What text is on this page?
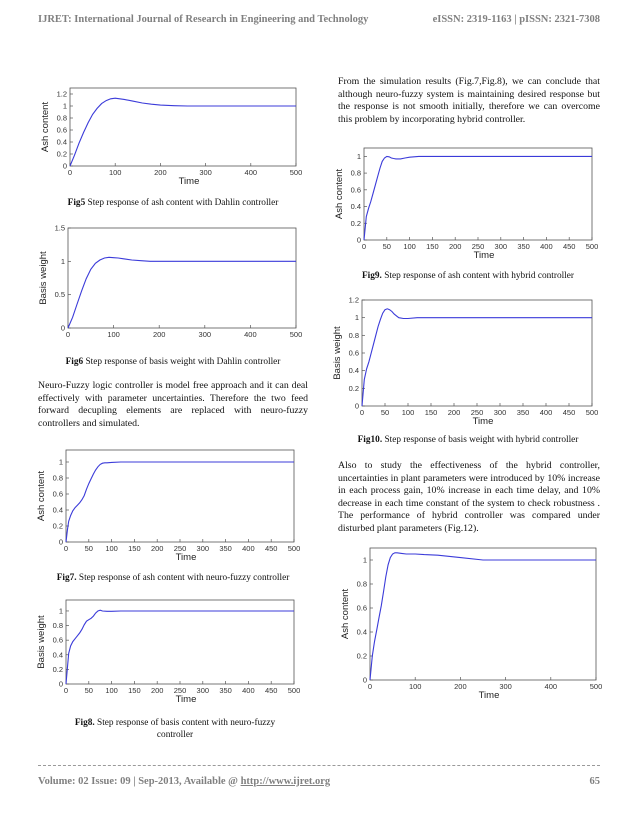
IJRET: International Journal of Research in Engineering and Technology	eISSN: 2319-1163 | pISSN: 2321-7308
0	100	200	300	400	500
0
0.2
0.4
0.6
0.8
1
1.2
Time
Ash content
Fig5 Step response of ash content with Dahlin controller
0	100	200	300	400	500
0
0.5
1
1.5
Basis weight
Fig6 Step response of basis weight with Dahlin controller

Neuro-Fuzzy logic controller is model free approach and it can deal effectively with parameter uncertainties. Therefore the two feed forward decupling elements are replaced with neuro-fuzzy controllers and simulated.

0 50 100 150 200 250 300 350 400 450 500
0
0.2
0.4
0.6
0.8
1
Time
Ash content
Fig7. Step response of ash content with neuro-fuzzy controller
0 50 100 150 200 250 300 350 400 450 500
0
0.2
0.4
0.6
0.8
1
Time
Basis weight
Fig8. Step response of basis content with neuro-fuzzy controller

From the simulation results (Fig.7,Fig.8), we can conclude that although neuro-fuzzy system is maintaining desired response but the response is not smooth initially, therefore we can overcome this problem by incorporating hybrid controller.

0 50 100 150 200 250 300 350 400 450 500
0
0.2
0.4
0.6
0.8
1
Time
Ash content
Fig9. Step response of ash content with hybrid controller
0 50 100 150 200 250 300 350 400 450 500
0
0.2
0.4
0.6
0.8
1
1.2
Time
Basis weight
Fig10. Step response of basis weight with hybrid controller

Also to study the effectiveness of the hybrid controller, uncertainties in plant parameters were introduced by 10% increase in each process gain, 10% increase in each time delay, and 10% decrease in each time constant of the system to check robustness . The performance of hybrid controller was compared under disturbed plant parameters (Fig.12).

0	100	200	300	400	500
0
0.2
0.4
0.6
0.8
1
Time
Ash content
Volume: 02 Issue: 09 | Sep-2013, Available @ http://www.ijret.org	65
